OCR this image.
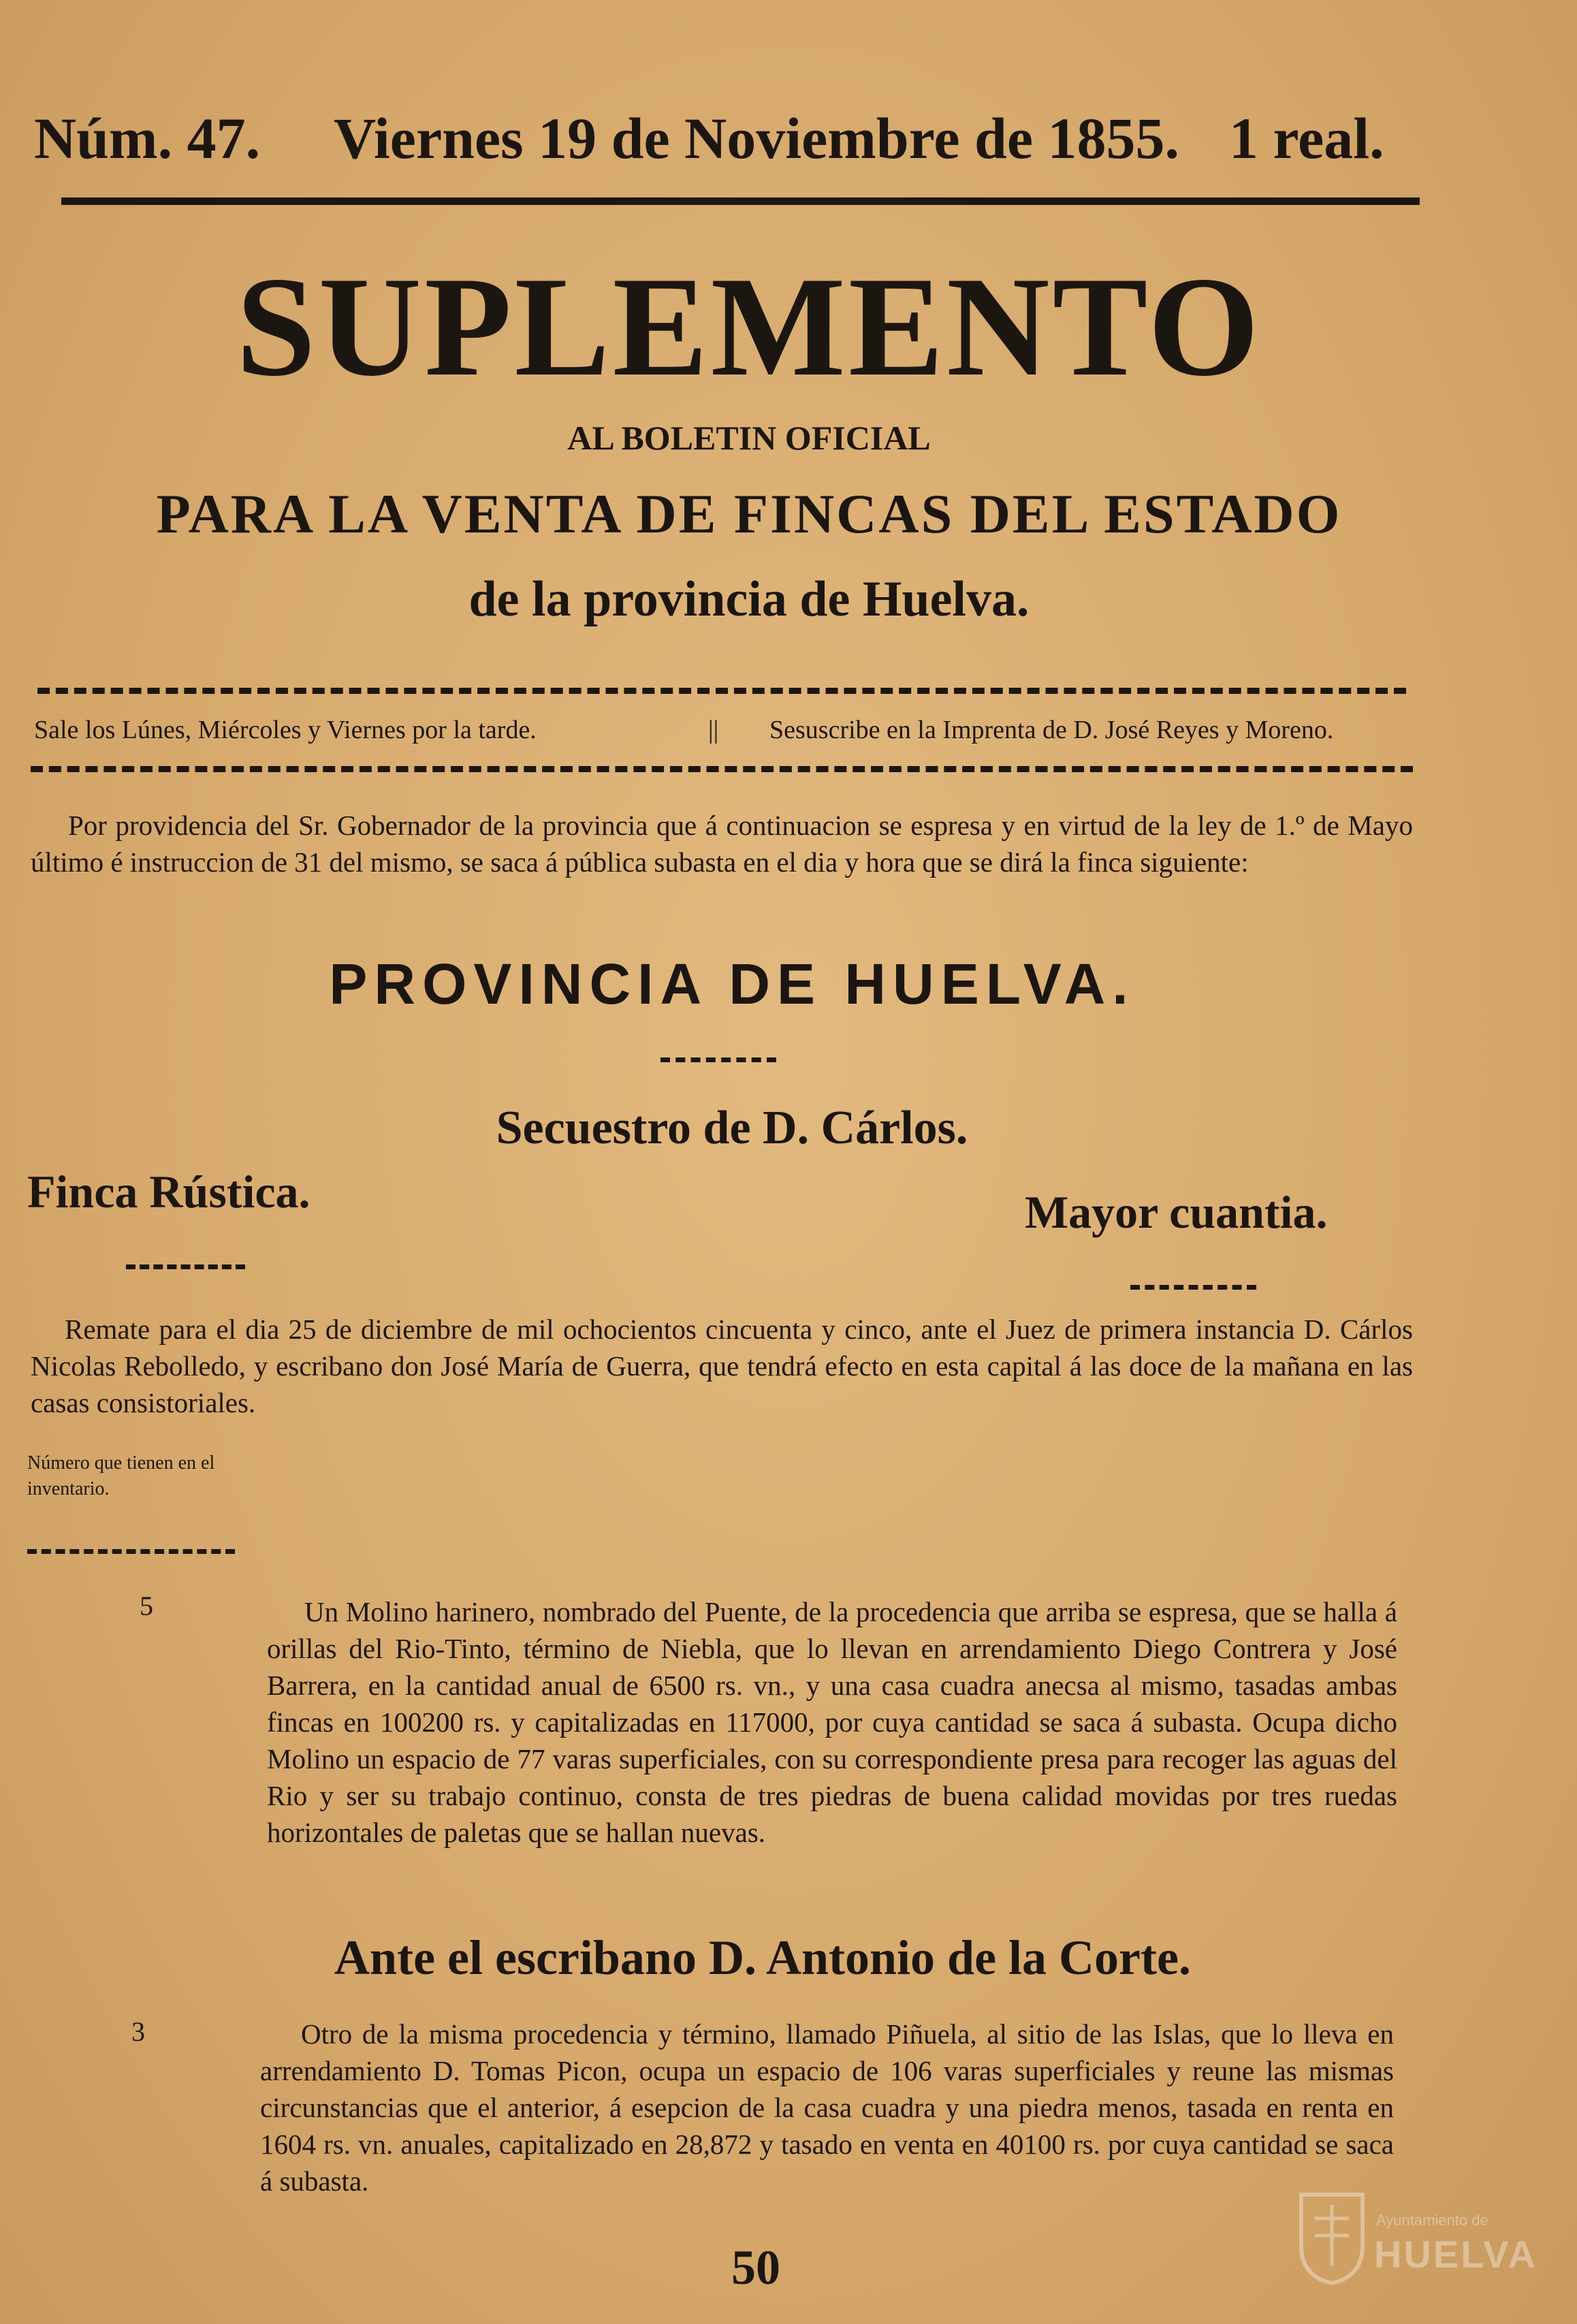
Núm. 47. Viernes 19 de Noviembre de 1855. 1 real.
SUPLEMENTO
AL BOLETIN OFICIAL
PARA LA VENTA DE FINCAS DEL ESTADO
de la provincia de Huelva.
Sale los Lúnes, Miércoles y Viernes por la tarde.	|| Sesuscribe en la Imprenta de D. José Reyes y Moreno.

Por providencia del Sr. Gobernador de la provincia que á continuacion se espresa y en virtud de la ley de 1.º de Mayo último é instruccion de 31 del mismo, se saca á pública subasta en el dia y hora que se dirá la finca siguiente:

PROVINCIA DE HUELVA.
Secuestro de D. Cárlos.
Finca Rústica.	Mayor cuantia.

Remate para el dia 25 de diciembre de mil ochocientos cincuenta y cinco, ante el Juez de primera instancia D. Cárlos Nicolas Rebolledo, y escribano don José María de Guerra, que tendrá efecto en esta capital á las doce de la mañana en las casas consistoriales.

Número que tienen en el inventario.
5	Un Molino harinero, nombrado del Puente, de la procedencia que arriba se espresa, que se halla á orillas del Rio-Tinto, término de Niebla, que lo llevan en arrendamiento Diego Contrera y José Barrera, en la cantidad anual de 6500 rs. vn., y una casa cuadra anecsa al mismo, tasadas ambas fincas en 100200 rs. y capitalizadas en 117000, por cuya cantidad se saca á subasta. Ocupa dicho Molino un espacio de 77 varas superficiales, con su correspondiente presa para recoger las aguas del Rio y ser su trabajo continuo, consta de tres piedras de buena calidad movidas por tres ruedas horizontales de paletas que se hallan nuevas.

Ante el escribano D. Antonio de la Corte.
3	Otro de la misma procedencia y término, llamado Piñuela, al sitio de las Islas, que lo lleva en arrendamiento D. Tomas Picon, ocupa un espacio de 106 varas superficiales y reune las mismas circunstancias que el anterior, á esepcion de la casa cuadra y una piedra menos, tasada en renta en 1604 rs. vn. anuales, capitalizado en 28,872 y tasado en venta en 40100 rs. por cuya cantidad se saca á subasta.

50
Ayuntamiento de
HUELVA
